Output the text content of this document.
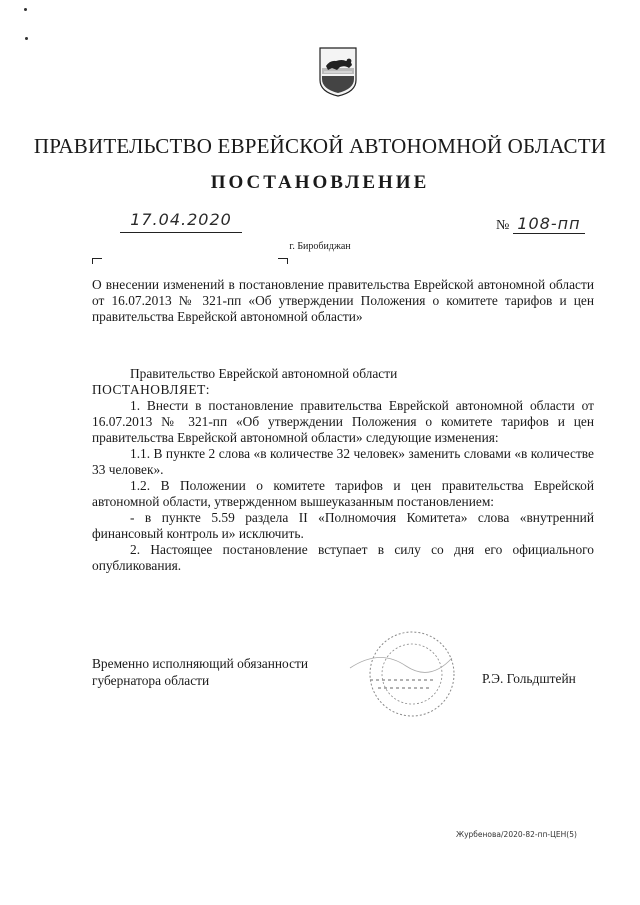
ПРАВИТЕЛЬСТВО ЕВРЕЙСКОЙ АВТОНОМНОЙ ОБЛАСТИ
ПОСТАНОВЛЕНИЕ
17.04.2020	№ 108-пп
г. Биробиджан
О внесении изменений в постановление правительства Еврейской автономной области от 16.07.2013 № 321-пп «Об утверждении Положения о комитете тарифов и цен правительства Еврейской автономной области»

Правительство Еврейской автономной области

ПОСТАНОВЛЯЕТ:

1. Внести в постановление правительства Еврейской автономной области от 16.07.2013 № 321-пп «Об утверждении Положения о комитете тарифов и цен правительства Еврейской автономной области» следующие изменения:

1.1. В пункте 2 слова «в количестве 32 человек» заменить словами «в количестве 33 человек».

1.2. В Положении о комитете тарифов и цен правительства Еврейской автономной области, утвержденном вышеуказанным постановлением:

- в пункте 5.59 раздела II «Полномочия Комитета» слова «внутренний финансовый контроль и» исключить.

2. Настоящее постановление вступает в силу со дня его официального опубликования.

Временно исполняющий обязанности
губернатора области	Р.Э. Гольдштейн
Журбенова/2020-82-пп-ЦЕН(5)
